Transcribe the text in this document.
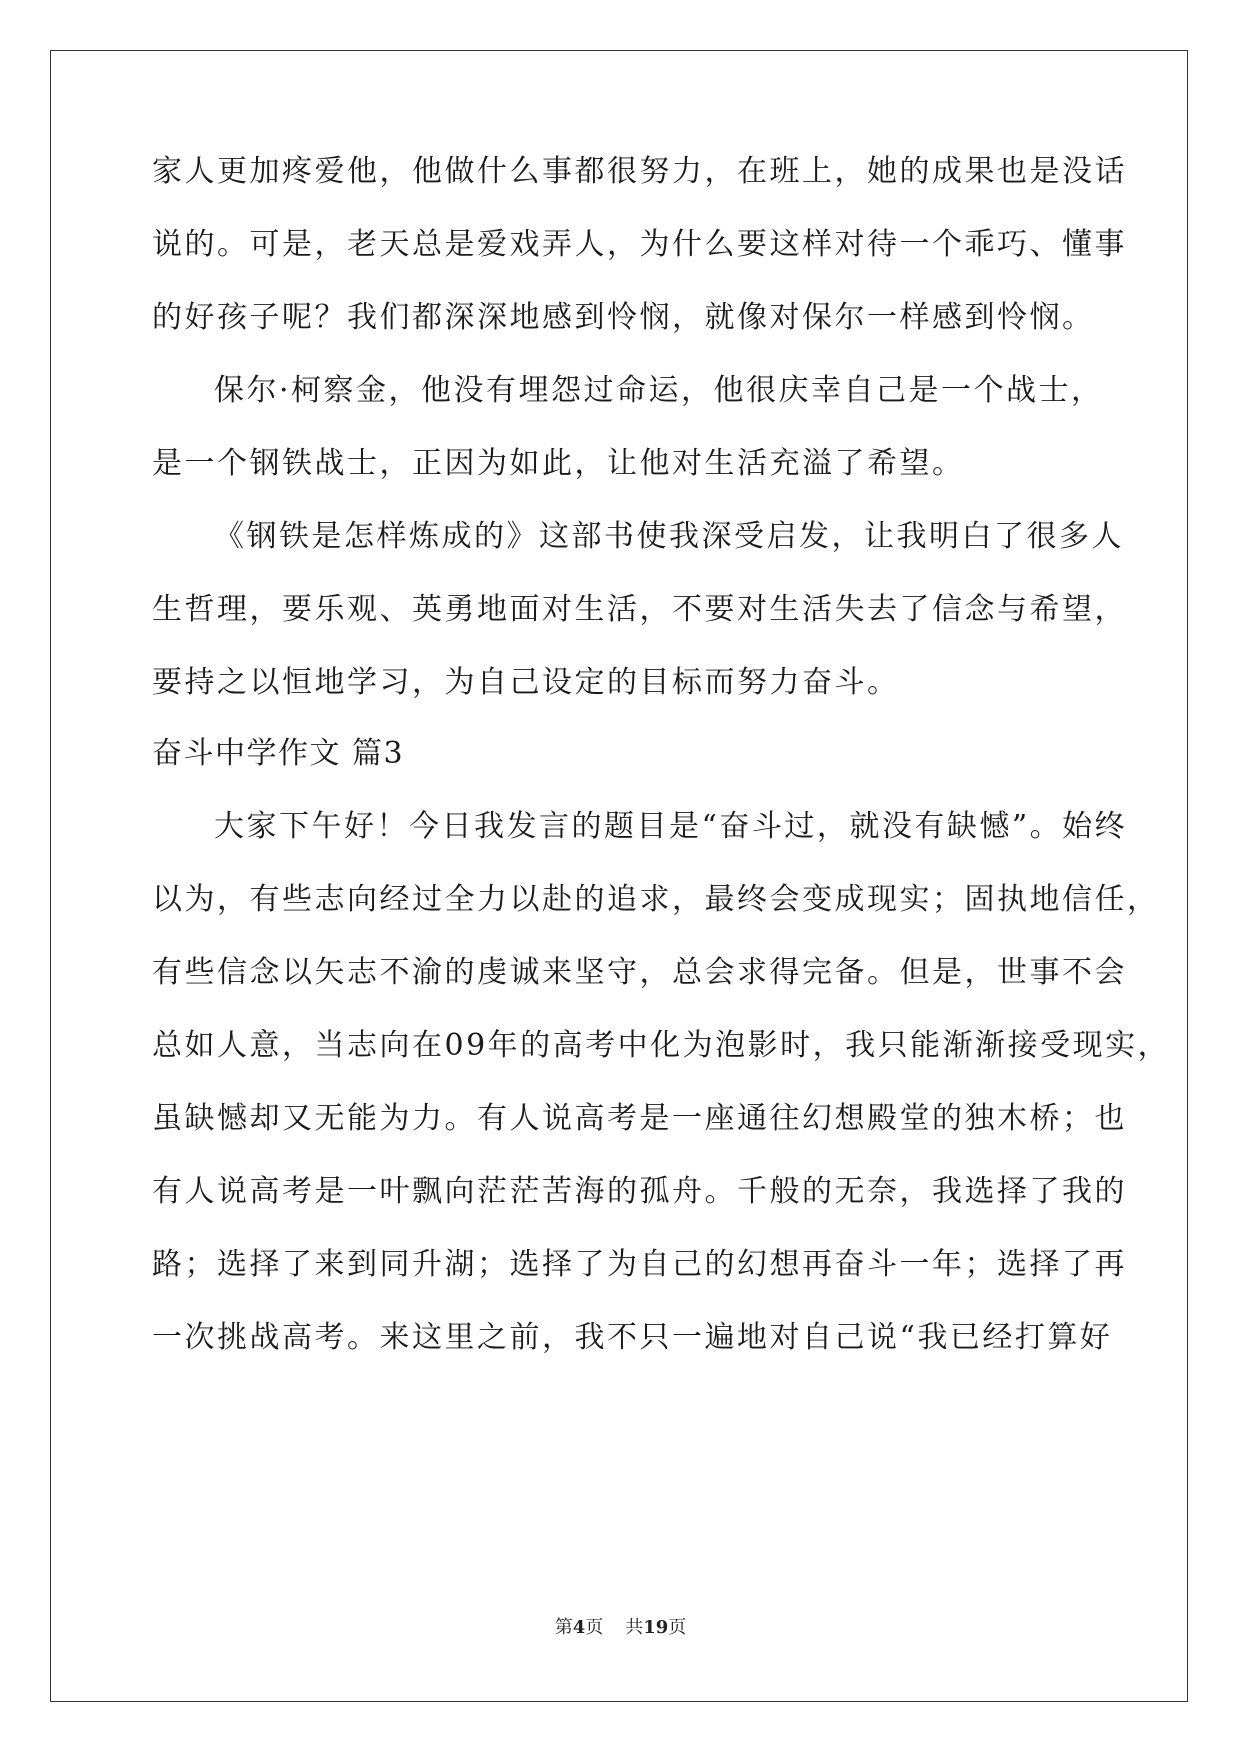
家人更加疼爱他，他做什么事都很努力，在班上，她的成果也是没话
说的。可是，老天总是爱戏弄人，为什么要这样对待一个乖巧、懂事
的好孩子呢？我们都深深地感到怜悯，就像对保尔一样感到怜悯。
保尔·柯察金，他没有埋怨过命运，他很庆幸自己是一个战士，
是一个钢铁战士，正因为如此，让他对生活充溢了希望。
《钢铁是怎样炼成的》这部书使我深受启发，让我明白了很多人
生哲理，要乐观、英勇地面对生活，不要对生活失去了信念与希望，
要持之以恒地学习，为自己设定的目标而努力奋斗。
奋斗中学作文 篇3
大家下午好！今日我发言的题目是“奋斗过，就没有缺憾”。始终
以为，有些志向经过全力以赴的追求，最终会变成现实；固执地信任，
有些信念以矢志不渝的虔诚来坚守，总会求得完备。但是，世事不会
总如人意，当志向在09年的高考中化为泡影时，我只能渐渐接受现实，
虽缺憾却又无能为力。有人说高考是一座通往幻想殿堂的独木桥；也
有人说高考是一叶飘向茫茫苦海的孤舟。千般的无奈，我选择了我的
路；选择了来到同升湖；选择了为自己的幻想再奋斗一年；选择了再
一次挑战高考。来这里之前，我不只一遍地对自己说“我已经打算好
第4页 共19页
